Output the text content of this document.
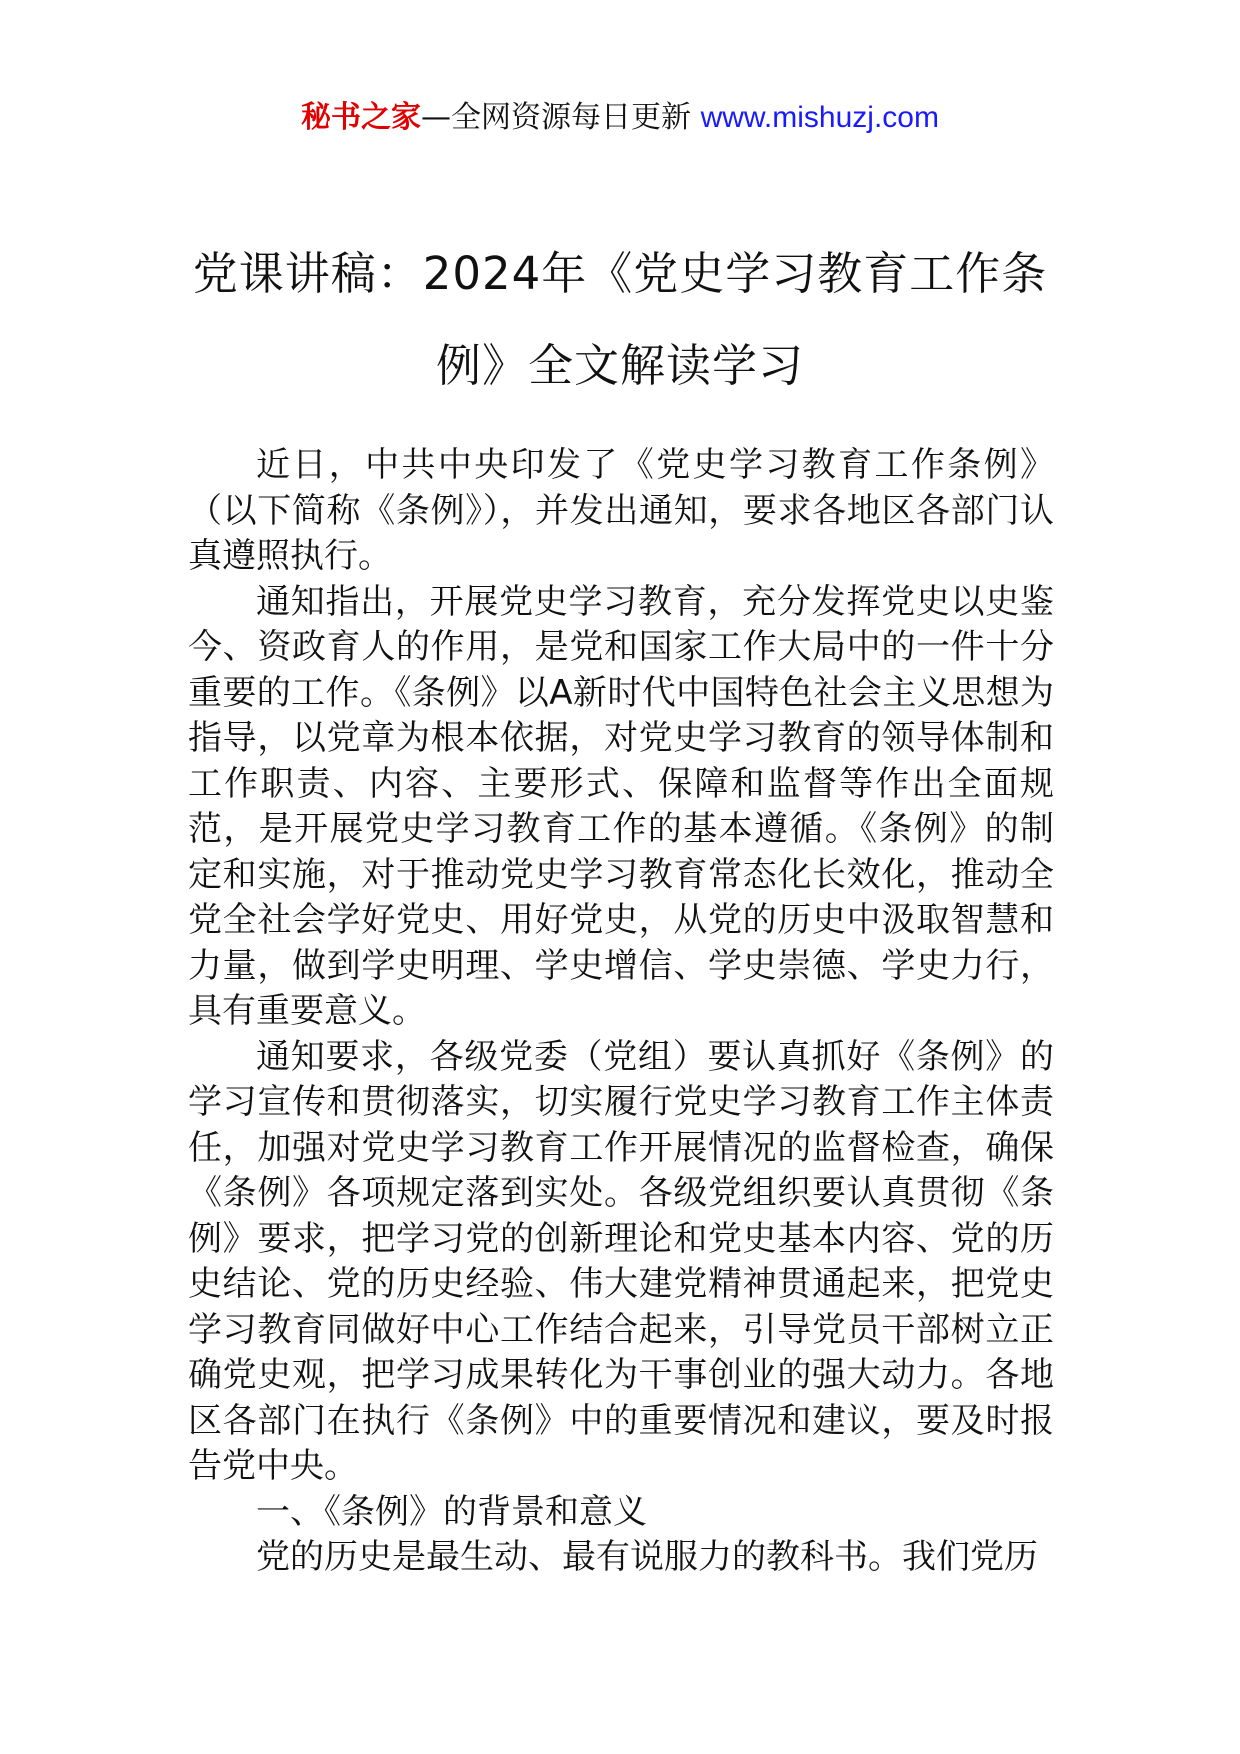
秘书之家—全网资源每日更新 www.mishuzj.com
党课讲稿：2024年《党史学习教育工作条
例》全文解读学习

近日，中共中央印发了《党史学习教育工作条例》（以下简称《条例》），并发出通知，要求各地区各部门认真遵照执行。

通知指出，开展党史学习教育，充分发挥党史以史鉴今、资政育人的作用，是党和国家工作大局中的一件十分重要的工作。《条例》以A新时代中国特色社会主义思想为指导，以党章为根本依据，对党史学习教育的领导体制和工作职责、内容、主要形式、保障和监督等作出全面规范，是开展党史学习教育工作的基本遵循。《条例》的制定和实施，对于推动党史学习教育常态化长效化，推动全党全社会学好党史、用好党史，从党的历史中汲取智慧和力量，做到学史明理、学史增信、学史崇德、学史力行，具有重要意义。

通知要求，各级党委（党组）要认真抓好《条例》的学习宣传和贯彻落实，切实履行党史学习教育工作主体责任，加强对党史学习教育工作开展情况的监督检查，确保《条例》各项规定落到实处。各级党组织要认真贯彻《条例》要求，把学习党的创新理论和党史基本内容、党的历史结论、党的历史经验、伟大建党精神贯通起来，把党史学习教育同做好中心工作结合起来，引导党员干部树立正确党史观，把学习成果转化为干事创业的强大动力。各地区各部门在执行《条例》中的重要情况和建议，要及时报告党中央。

一、《条例》的背景和意义

党的历史是最生动、最有说服力的教科书。我们党历
